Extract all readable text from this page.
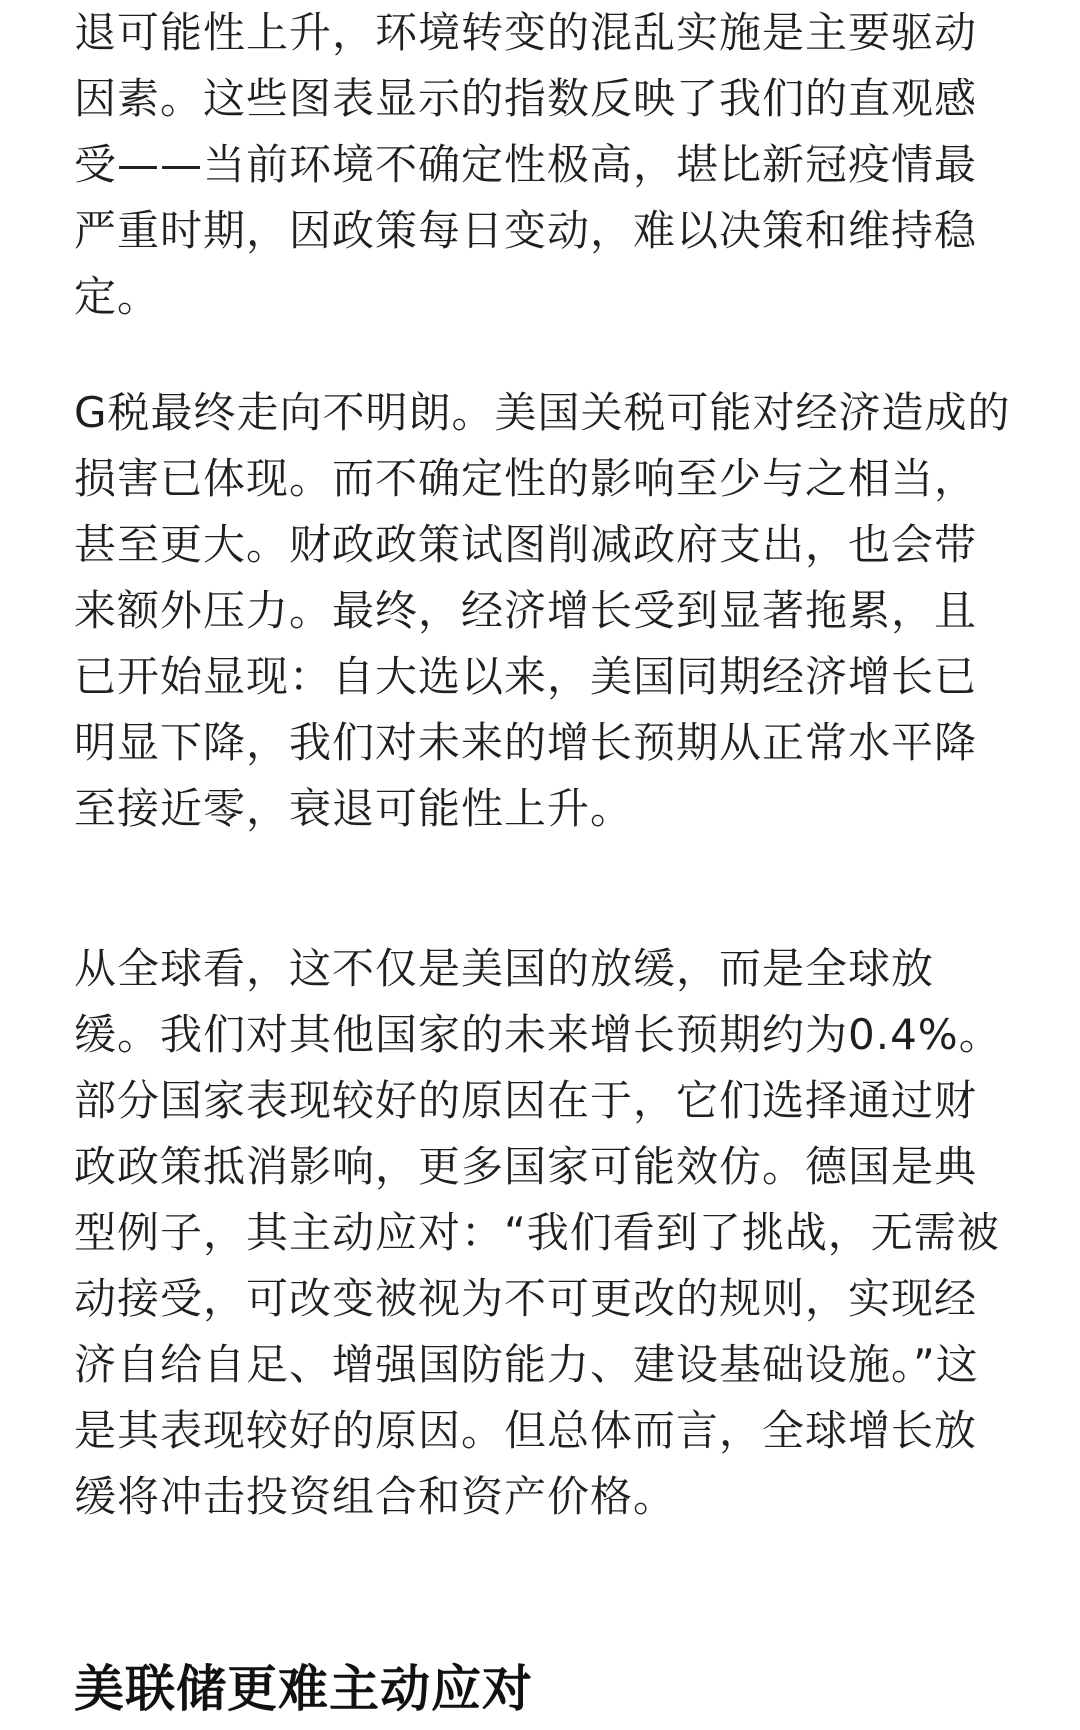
退可能性上升，环境转变的混乱实施是主要驱动因素。这些图表显示的指数反映了我们的直观感受——当前环境不确定性极高，堪比新冠疫情最严重时期，因政策每日变动，难以决策和维持稳定。

G税最终走向不明朗。美国关税可能对经济造成的损害已体现。而不确定性的影响至少与之相当，甚至更大。财政政策试图削减政府支出，也会带来额外压力。最终，经济增长受到显著拖累，且已开始显现：自大选以来，美国同期经济增长已明显下降，我们对未来的增长预期从正常水平降至接近零，衰退可能性上升。

从全球看，这不仅是美国的放缓，而是全球放缓。我们对其他国家的未来增长预期约为0.4%。部分国家表现较好的原因在于，它们选择通过财政政策抵消影响，更多国家可能效仿。德国是典型例子，其主动应对：“我们看到了挑战，无需被动接受，可改变被视为不可更改的规则，实现经济自给自足、增强国防能力、建设基础设施。”这是其表现较好的原因。但总体而言，全球增长放缓将冲击投资组合和资产价格。

美联储更难主动应对
